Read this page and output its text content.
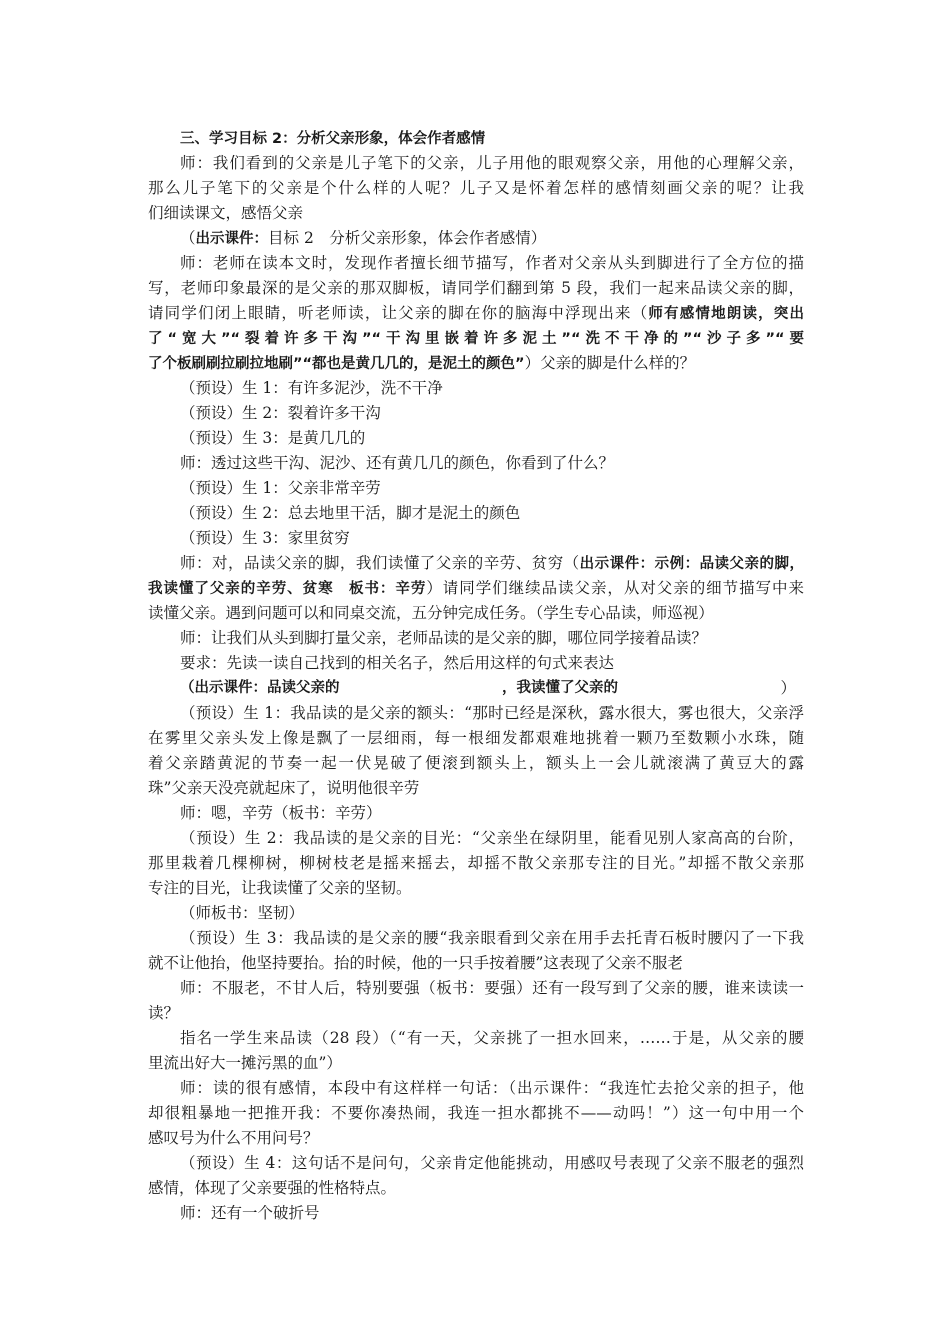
三、学习目标 2：分析父亲形象，体会作者感情
师：我们看到的父亲是儿子笔下的父亲，儿子用他的眼观察父亲，用他的心理解父亲，
那么儿子笔下的父亲是个什么样的人呢？儿子又是怀着怎样的感情刻画父亲的呢？让我
们细读课文，感悟父亲
（出示课件：目标 2　分析父亲形象，体会作者感情）
师：老师在读本文时，发现作者擅长细节描写，作者对父亲从头到脚进行了全方位的描
写，老师印象最深的是父亲的那双脚板，请同学们翻到第 5 段，我们一起来品读父亲的脚，
请同学们闭上眼睛，听老师读，让父亲的脚在你的脑海中浮现出来（师有感情地朗读，突出
了“宽大”“裂着许多干沟”“干沟里嵌着许多泥土”“洗不干净的”“沙子多”“要
了个板刷刷拉刷拉地刷”“都也是黄几几的，是泥土的颜色”）父亲的脚是什么样的？
（预设）生 1：有许多泥沙，洗不干净
（预设）生 2：裂着许多干沟
（预设）生 3：是黄几几的
师：透过这些干沟、泥沙、还有黄几几的颜色，你看到了什么？
（预设）生 1：父亲非常辛劳
（预设）生 2：总去地里干活，脚才是泥土的颜色
（预设）生 3：家里贫穷
师：对，品读父亲的脚，我们读懂了父亲的辛劳、贫穷（出示课件：示例：品读父亲的脚，
我读懂了父亲的辛劳、贫寒　板书：辛劳）请同学们继续品读父亲，从对父亲的细节描写中来
读懂父亲。遇到问题可以和同桌交流，五分钟完成任务。（学生专心品读，师巡视）
师：让我们从头到脚打量父亲，老师品读的是父亲的脚，哪位同学接着品读？
要求：先读一读自己找到的相关名子，然后用这样的句式来表达
（出示课件：品读父亲的	，我读懂了父亲的	）
（预设）生 1：我品读的是父亲的额头：“那时已经是深秋，露水很大，雾也很大，父亲浮
在雾里父亲头发上像是飘了一层细雨，每一根细发都艰难地挑着一颗乃至数颗小水珠，随
着父亲踏黄泥的节奏一起一伏晃破了便滚到额头上，额头上一会儿就滚满了黄豆大的露
珠”父亲天没亮就起床了，说明他很辛劳
师：嗯，辛劳（板书：辛劳）
（预设）生 2：我品读的是父亲的目光：“父亲坐在绿阴里，能看见别人家高高的台阶，
那里栽着几棵柳树，柳树枝老是摇来摇去，却摇不散父亲那专注的目光。”却摇不散父亲那
专注的目光，让我读懂了父亲的坚韧。
（师板书：坚韧）
（预设）生 3：我品读的是父亲的腰“我亲眼看到父亲在用手去托青石板时腰闪了一下我
就不让他抬，他坚持要抬。抬的时候，他的一只手按着腰”这表现了父亲不服老
师：不服老，不甘人后，特别要强（板书：要强）还有一段写到了父亲的腰，谁来读读一
读？
指名一学生来品读（28 段）（“有一天，父亲挑了一担水回来，……于是，从父亲的腰
里流出好大一摊污黑的血”）
师：读的很有感情，本段中有这样样一句话：（出示课件：“我连忙去抢父亲的担子，他
却很粗暴地一把推开我：不要你凑热闹，我连一担水都挑不——动吗！”）这一句中用一个
感叹号为什么不用问号？
（预设）生 4：这句话不是问句，父亲肯定他能挑动，用感叹号表现了父亲不服老的强烈
感情，体现了父亲要强的性格特点。
师：还有一个破折号
